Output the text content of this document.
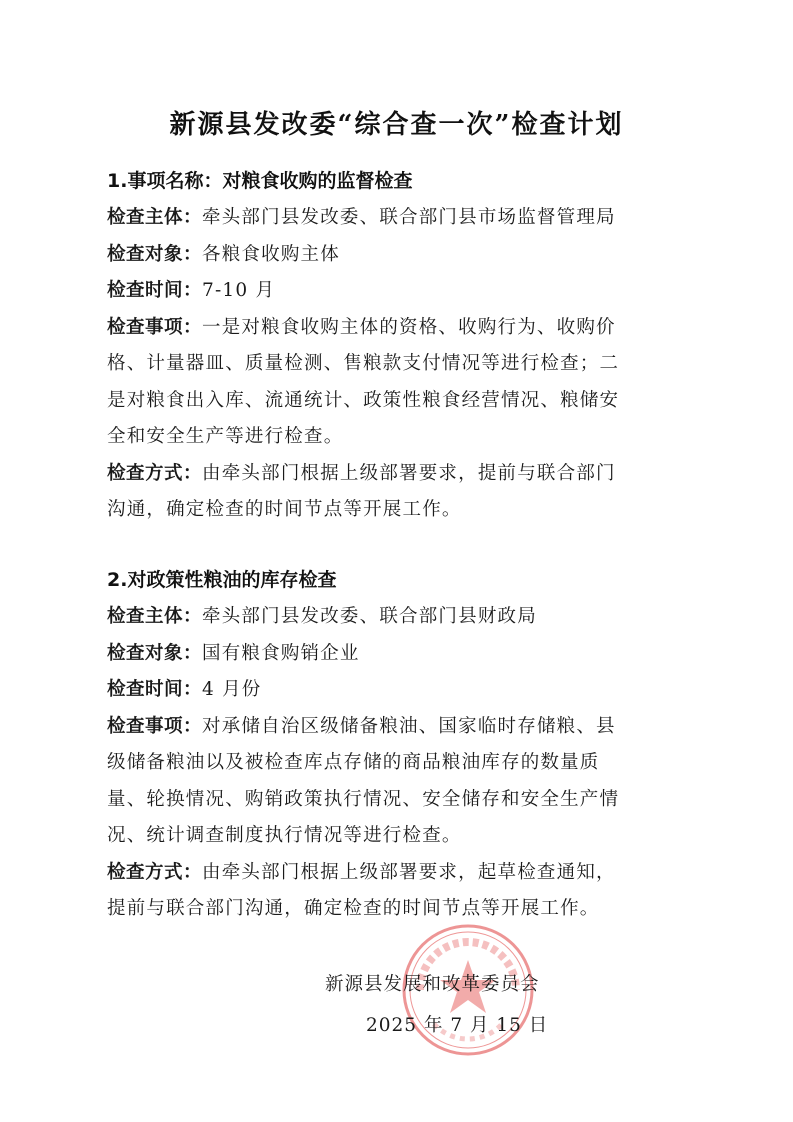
新源县发改委“综合查一次”检查计划
1.事项名称：对粮食收购的监督检查
检查主体：牵头部门县发改委、联合部门县市场监督管理局
检查对象：各粮食收购主体
检查时间：7-10 月
检查事项：一是对粮食收购主体的资格、收购行为、收购价
格、计量器皿、质量检测、售粮款支付情况等进行检查；二
是对粮食出入库、流通统计、政策性粮食经营情况、粮储安
全和安全生产等进行检查。
检查方式：由牵头部门根据上级部署要求，提前与联合部门
沟通，确定检查的时间节点等开展工作。
2.对政策性粮油的库存检查
检查主体：牵头部门县发改委、联合部门县财政局
检查对象：国有粮食购销企业
检查时间：4 月份
检查事项：对承储自治区级储备粮油、国家临时存储粮、县
级储备粮油以及被检查库点存储的商品粮油库存的数量质
量、轮换情况、购销政策执行情况、安全储存和安全生产情
况、统计调查制度执行情况等进行检查。
检查方式：由牵头部门根据上级部署要求，起草检查通知，
提前与联合部门沟通，确定检查的时间节点等开展工作。
新源县发展和改革委员会
2025 年 7 月 15 日
